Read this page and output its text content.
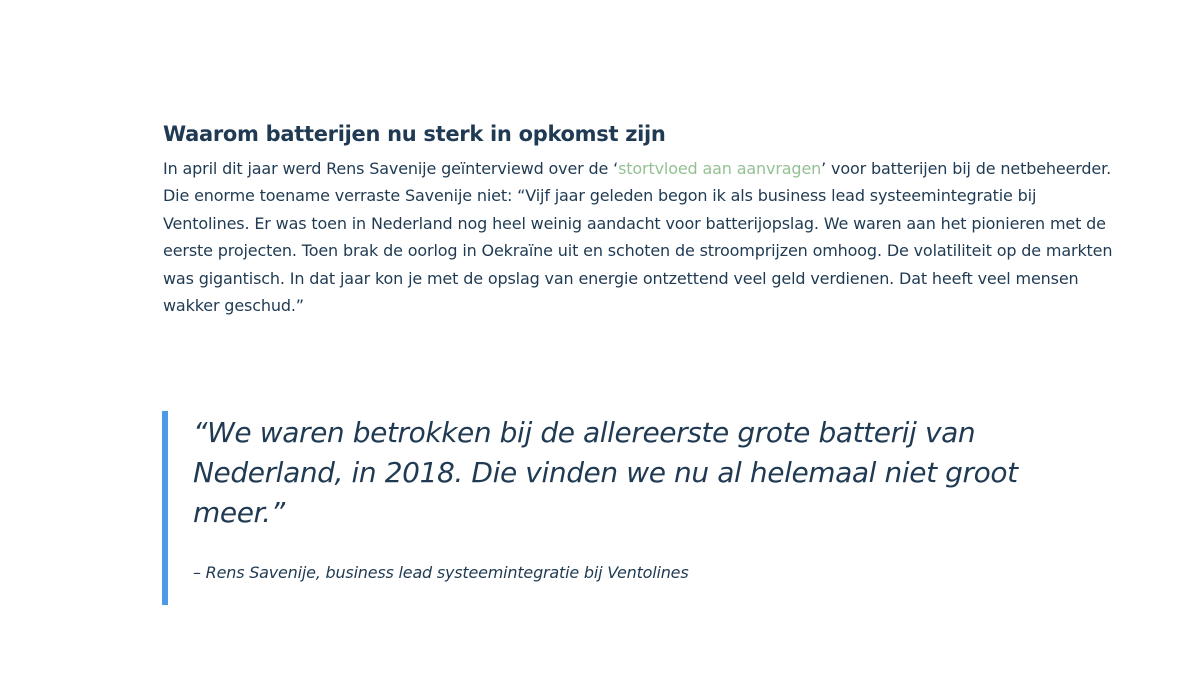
Waarom batterijen nu sterk in opkomst zijn

In april dit jaar werd Rens Savenije geïnterviewd over de ‘stortvloed aan aanvragen’ voor batterijen bij de netbeheerder. Die enorme toename verraste Savenije niet: “Vijf jaar geleden begon ik als business lead systeemintegratie bij Ventolines. Er was toen in Nederland nog heel weinig aandacht voor batterijopslag. We waren aan het pionieren met de eerste projecten. Toen brak de oorlog in Oekraïne uit en schoten de stroomprijzen omhoog. De volatiliteit op de markten was gigantisch. In dat jaar kon je met de opslag van energie ontzettend veel geld verdienen. Dat heeft veel mensen wakker geschud.”

“We waren betrokken bij de allereerste grote batterij van Nederland, in 2018. Die vinden we nu al helemaal niet groot meer.”

– Rens Savenije, business lead systeemintegratie bij Ventolines
